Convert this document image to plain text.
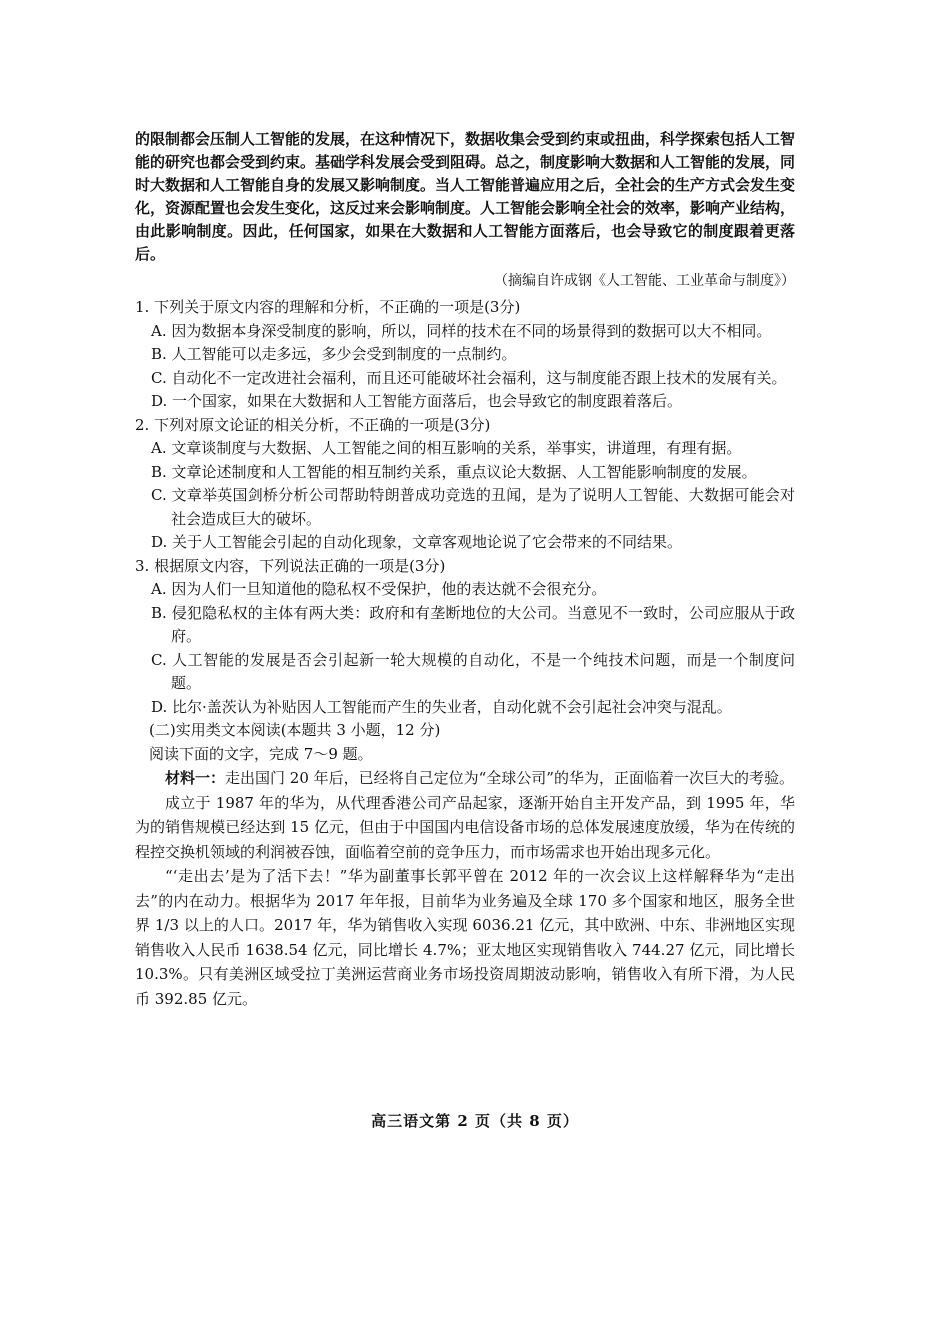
的限制都会压制人工智能的发展，在这种情况下，数据收集会受到约束或扭曲，科学探索包括人工智能的研究也都会受到约束。基础学科发展会受到阻碍。总之，制度影响大数据和人工智能的发展，同时大数据和人工智能自身的发展又影响制度。当人工智能普遍应用之后，全社会的生产方式会发生变化，资源配置也会发生变化，这反过来会影响制度。人工智能会影响全社会的效率，影响产业结构，由此影响制度。因此，任何国家，如果在大数据和人工智能方面落后，也会导致它的制度跟着更落后。

（摘编自许成钢《人工智能、工业革命与制度》）

1. 下列关于原文内容的理解和分析，不正确的一项是(3分)

A. 因为数据本身深受制度的影响，所以，同样的技术在不同的场景得到的数据可以大不相同。

B. 人工智能可以走多远，多少会受到制度的一点制约。

C. 自动化不一定改进社会福利，而且还可能破坏社会福利，这与制度能否跟上技术的发展有关。

D. 一个国家，如果在大数据和人工智能方面落后，也会导致它的制度跟着落后。

2. 下列对原文论证的相关分析，不正确的一项是(3分)

A. 文章谈制度与大数据、人工智能之间的相互影响的关系，举事实，讲道理，有理有据。

B. 文章论述制度和人工智能的相互制约关系，重点议论大数据、人工智能影响制度的发展。

C. 文章举英国剑桥分析公司帮助特朗普成功竞选的丑闻，是为了说明人工智能、大数据可能会对社会造成巨大的破坏。

D. 关于人工智能会引起的自动化现象，文章客观地论说了它会带来的不同结果。

3. 根据原文内容，下列说法正确的一项是(3分)

A. 因为人们一旦知道他的隐私权不受保护，他的表达就不会很充分。

B. 侵犯隐私权的主体有两大类：政府和有垄断地位的大公司。当意见不一致时，公司应服从于政府。

C. 人工智能的发展是否会引起新一轮大规模的自动化，不是一个纯技术问题，而是一个制度问题。

D. 比尔·盖茨认为补贴因人工智能而产生的失业者，自动化就不会引起社会冲突与混乱。

(二)实用类文本阅读(本题共 3 小题，12 分)

阅读下面的文字，完成 7～9 题。

材料一：走出国门 20 年后，已经将自己定位为“全球公司”的华为，正面临着一次巨大的考验。

成立于 1987 年的华为，从代理香港公司产品起家，逐渐开始自主开发产品，到 1995 年，华为的销售规模已经达到 15 亿元，但由于中国国内电信设备市场的总体发展速度放缓，华为在传统的程控交换机领域的利润被吞蚀，面临着空前的竞争压力，而市场需求也开始出现多元化。

“‘走出去’是为了活下去！”华为副董事长郭平曾在 2012 年的一次会议上这样解释华为“走出去”的内在动力。根据华为 2017 年年报，目前华为业务遍及全球 170 多个国家和地区，服务全世界 1/3 以上的人口。2017 年，华为销售收入实现 6036.21 亿元，其中欧洲、中东、非洲地区实现销售收入人民币 1638.54 亿元，同比增长 4.7%；亚太地区实现销售收入 744.27 亿元，同比增长 10.3%。只有美洲区域受拉丁美洲运营商业务市场投资周期波动影响，销售收入有所下滑，为人民币 392.85 亿元。

高三语文第 2 页（共 8 页）
